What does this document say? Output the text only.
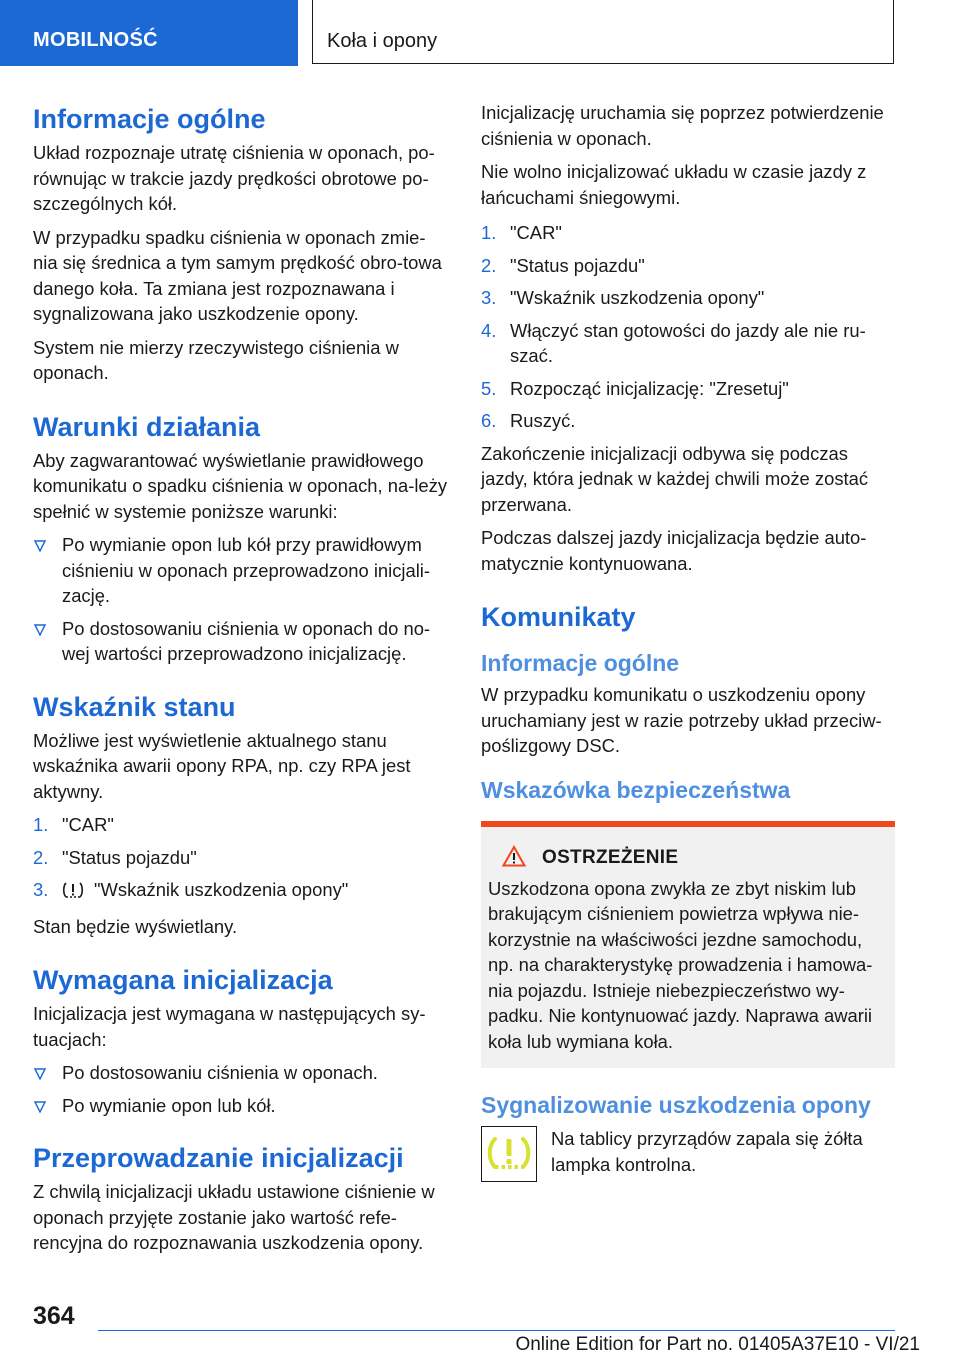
MOBILNOŚĆ	Koła i opony
Informacje ogólne

Układ rozpoznaje utratę ciśnienia w oponach, po-równując w trakcie jazdy prędkości obrotowe po-szczególnych kół.

W przypadku spadku ciśnienia w oponach zmie-nia się średnica a tym samym prędkość obro-towa danego koła. Ta zmiana jest rozpoznawana i sygnalizowana jako uszkodzenie opony.

System nie mierzy rzeczywistego ciśnienia w oponach.

Warunki działania

Aby zagwarantować wyświetlanie prawidłowego komunikatu o spadku ciśnienia w oponach, na-leży spełnić w systemie poniższe warunki:

Po wymianie opon lub kół przy prawidłowym ciśnieniu w oponach przeprowadzono inicjali-zację.
Po dostosowaniu ciśnienia w oponach do no-wej wartości przeprowadzono inicjalizację.
Wskaźnik stanu

Możliwe jest wyświetlenie aktualnego stanu wskaźnika awarii opony RPA, np. czy RPA jest aktywny.

1. "CAR"
2. "Status pojazdu"
3. "Wskaźnik uszkodzenia opony"

Stan będzie wyświetlany.

Wymagana inicjalizacja

Inicjalizacja jest wymagana w następujących sy-tuacjach:

Po dostosowaniu ciśnienia w oponach.
Po wymianie opon lub kół.
Przeprowadzanie inicjalizacji

Z chwilą inicjalizacji układu ustawione ciśnienie w oponach przyjęte zostanie jako wartość refe-rencyjna do rozpoznawania uszkodzenia opony.

Inicjalizację uruchamia się poprzez potwierdzenie ciśnienia w oponach.

Nie wolno inicjalizować układu w czasie jazdy z łańcuchami śniegowymi.

1. "CAR"
2. "Status pojazdu"
3. "Wskaźnik uszkodzenia opony"
4. Włączyć stan gotowości do jazdy ale nie ru-szać.
5. Rozpocząć inicjalizację: "Zresetuj"
6. Ruszyć.

Zakończenie inicjalizacji odbywa się podczas jazdy, która jednak w każdej chwili może zostać przerwana.

Podczas dalszej jazdy inicjalizacja będzie auto-matycznie kontynuowana.

Komunikaty
Informacje ogólne

W przypadku komunikatu o uszkodzeniu opony uruchamiany jest w razie potrzeby układ przeciw-poślizgowy DSC.

Wskazówka bezpieczeństwa
OSTRZEŻENIE

Uszkodzona opona zwykła ze zbyt niskim lub brakującym ciśnieniem powietrza wpływa nie-korzystnie na właściwości jezdne samochodu, np. na charakterystykę prowadzenia i hamowa-nia pojazdu. Istnieje niebezpieczeństwo wy-padku. Nie kontynuować jazdy. Naprawa awarii koła lub wymiana koła.

Sygnalizowanie uszkodzenia opony

Na tablicy przyrządów zapala się żółta lampka kontrolna.

364
Online Edition for Part no. 01405A37E10 - VI/21
